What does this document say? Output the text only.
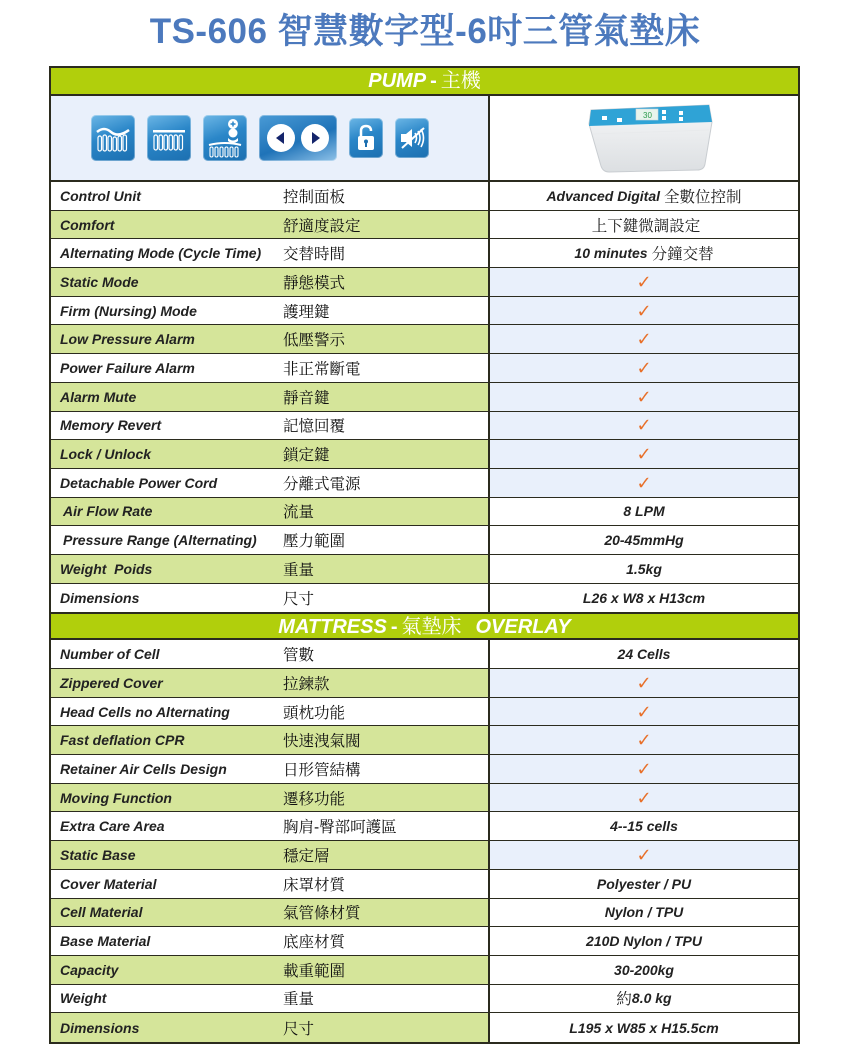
TS-606 智慧數字型-6吋三管氣墊床
PUMP - 主機
30
Control Unit	控制面板	Advanced Digital 全數位控制
Comfort	舒適度設定	上下鍵微調設定
Alternating Mode (Cycle Time)	交替時間	10 minutes 分鐘交替
Static Mode	靜態模式	✓
Firm (Nursing) Mode	護理鍵	✓
Low Pressure Alarm	低壓警示	✓
Power Failure Alarm	非正常斷電	✓
Alarm Mute	靜音鍵	✓
Memory Revert	記憶回覆	✓
Lock / Unlock	鎖定鍵	✓
Detachable Power Cord	分離式電源	✓
Air Flow Rate	流量	8 LPM
Pressure Range (Alternating)	壓力範圍	20-45mmHg
Weight  Poids	重量	1.5kg
Dimensions	尺寸	L26 x W8 x H13cm
MATTRESS - 氣墊床 OVERLAY
Number of Cell	管數	24 Cells
Zippered Cover	拉鍊款	✓
Head Cells no Alternating	頭枕功能	✓
Fast deflation CPR	快速洩氣閥	✓
Retainer Air Cells Design	日形管結構	✓
Moving Function	遷移功能	✓
Extra Care Area	胸肩-臀部呵護區	4--15 cells
Static Base	穩定層	✓
Cover Material	床罩材質	Polyester / PU
Cell Material	氣管條材質	Nylon / TPU
Base Material	底座材質	210D Nylon / TPU
Capacity	載重範圍	30-200kg
Weight	重量	約 8.0 kg
Dimensions	尺寸	L195 x W85 x H15.5cm
